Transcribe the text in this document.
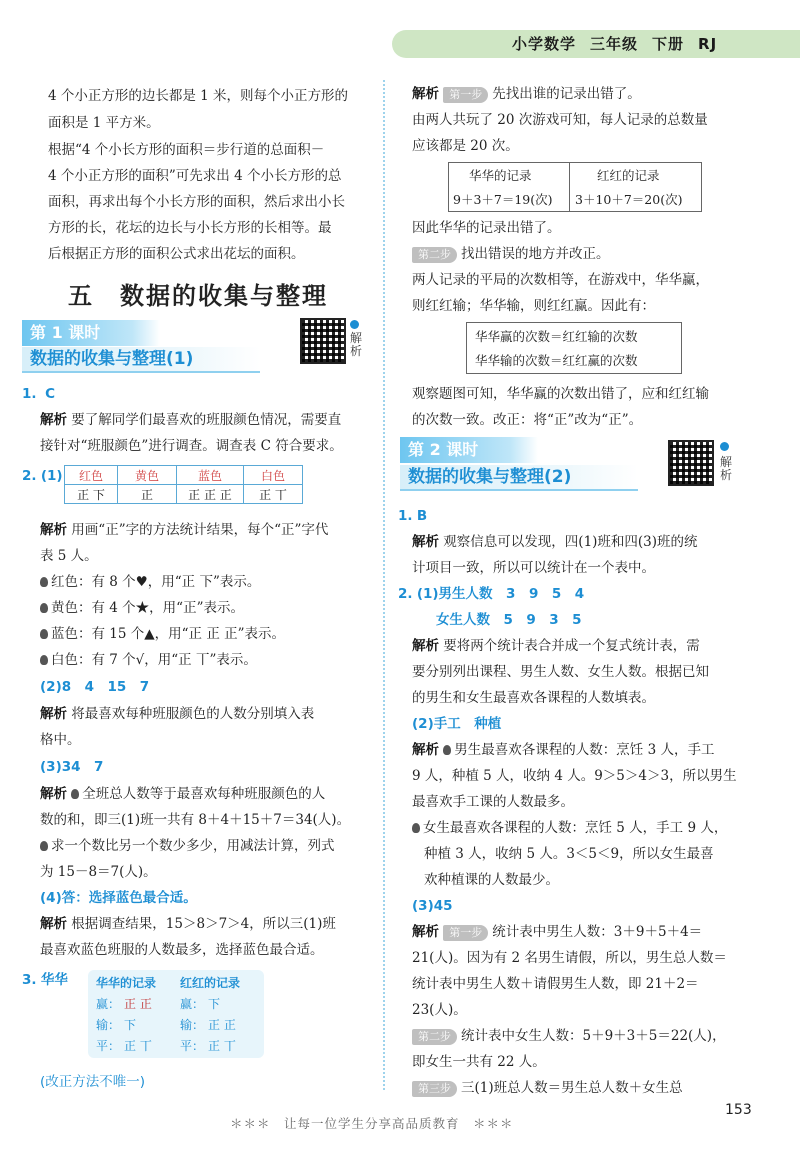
小学数学 三年级 下册 RJ
4 个小正方形的边长都是 1 米，则每个小正方形的
面积是 1 平方米。
根据“4 个小长方形的面积＝步行道的总面积－
4 个小正方形的面积”可先求出 4 个小长方形的总
面积，再求出每个小长方形的面积，然后求出小长
方形的长，花坛的边长与小长方形的长相等。最
后根据正方形的面积公式求出花坛的面积。
五　数据的收集与整理
第 1 课时
数据的收集与整理(1)
解析
1. C
解析 要了解同学们最喜欢的班服颜色情况，需要直
接针对“班服颜色”进行调查。调查表 C 符合要求。
2. (1) 红色	黄色	蓝色	白色
正 下	正	正 正 正	正 丅
解析 用画“正”字的方法统计结果，每个“正”字代
表 5 人。
红色：有 8 个♥，用“正 下”表示。
黄色：有 4 个★，用“正”表示。
蓝色：有 15 个▲，用“正 正 正”表示。
白色：有 7 个√，用“正 丅”表示。
(2)8　4　15　7
解析 将最喜欢每种班服颜色的人数分别填入表
格中。
(3)34　7
解析 全班总人数等于最喜欢每种班服颜色的人
数的和，即三(1)班一共有 8＋4＋15＋7＝34(人)。
求一个数比另一个数少多少，用减法计算，列式
为 15－8＝7(人)。
(4)答：选择蓝色最合适。
解析 根据调查结果，15＞8＞7＞4，所以三(1)班
最喜欢蓝色班服的人数最多，选择蓝色最合适。
3. 华华 华华的记录 红红的记录
赢： 正 正 赢： 下
输： 下	输： 正 正
平： 正 丅 平： 正 丅
(改正方法不唯一)
解析 第一步 先找出谁的记录出错了。
由两人共玩了 20 次游戏可知，每人记录的总数量
应该都是 20 次。
华华的记录	红红的记录
9＋3＋7＝19(次) 3＋10＋7＝20(次)
因此华华的记录出错了。
第二步 找出错误的地方并改正。
两人记录的平局的次数相等，在游戏中，华华赢，
则红红输；华华输，则红红赢。因此有：
华华赢的次数＝红红输的次数
华华输的次数＝红红赢的次数
观察题图可知，华华赢的次数出错了，应和红红输
的次数一致。改正：将“正”改为“正”。
第 2 课时
数据的收集与整理(2)
解析
1. B
解析 观察信息可以发现，四(1)班和四(3)班的统
计项目一致，所以可以统计在一个表中。
2. (1)男生人数　3　9　5　4
女生人数　5　9　3　5
解析 要将两个统计表合并成一个复式统计表，需
要分别列出课程、男生人数、女生人数。根据已知
的男生和女生最喜欢各课程的人数填表。
(2)手工　种植
解析 男生最喜欢各课程的人数：烹饪 3 人，手工
9 人，种植 5 人，收纳 4 人。9＞5＞4＞3，所以男生
最喜欢手工课的人数最多。
女生最喜欢各课程的人数：烹饪 5 人，手工 9 人，
种植 3 人，收纳 5 人。3＜5＜9，所以女生最喜
欢种植课的人数最少。
(3)45
解析 第一步 统计表中男生人数：3＋9＋5＋4＝
21(人)。因为有 2 名男生请假，所以，男生总人数＝
统计表中男生人数＋请假男生人数，即 21＋2＝
23(人)。
第二步 统计表中女生人数：5＋9＋3＋5＝22(人)，
即女生一共有 22 人。
第三步 三(1)班总人数＝男生总人数＋女生总
＊＊＊　让每一位学生分享高品质教育　＊＊＊
153
